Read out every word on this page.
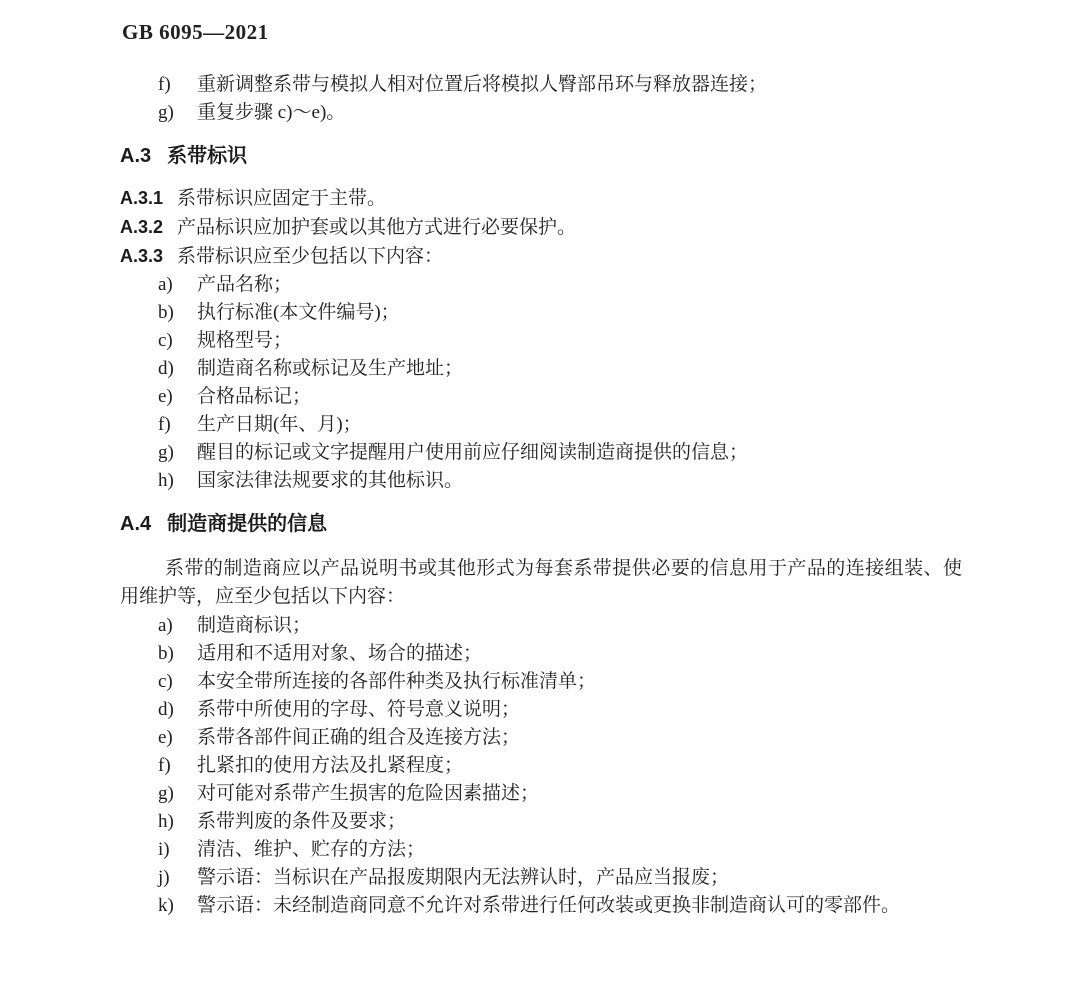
GB 6095—2021
f)	重新调整系带与模拟人相对位置后将模拟人臀部吊环与释放器连接；
g)	重复步骤 c)～e)。
A.3 系带标识
A.3.1 系带标识应固定于主带。
A.3.2 产品标识应加护套或以其他方式进行必要保护。
A.3.3 系带标识应至少包括以下内容：
a)	产品名称；
b)	执行标准(本文件编号)；
c)	规格型号；
d)	制造商名称或标记及生产地址；
e)	合格品标记；
f)	生产日期(年、月)；
g)	醒目的标记或文字提醒用户使用前应仔细阅读制造商提供的信息；
h)	国家法律法规要求的其他标识。
A.4 制造商提供的信息

系带的制造商应以产品说明书或其他形式为每套系带提供必要的信息用于产品的连接组装、使用维护等，应至少包括以下内容：

a)	制造商标识；
b)	适用和不适用对象、场合的描述；
c)	本安全带所连接的各部件种类及执行标准清单；
d)	系带中所使用的字母、符号意义说明；
e)	系带各部件间正确的组合及连接方法；
f)	扎紧扣的使用方法及扎紧程度；
g)	对可能对系带产生损害的危险因素描述；
h)	系带判废的条件及要求；
i)	清洁、维护、贮存的方法；
j)	警示语：当标识在产品报废期限内无法辨认时，产品应当报废；
k)	警示语：未经制造商同意不允许对系带进行任何改装或更换非制造商认可的零部件。
